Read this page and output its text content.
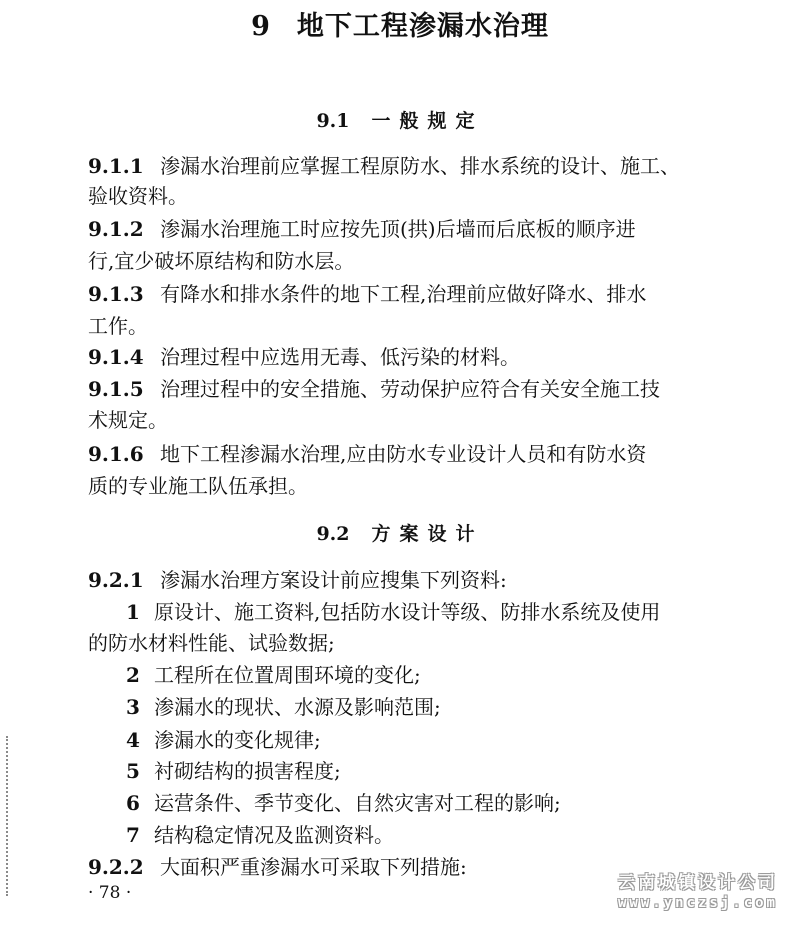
9 地下工程渗漏水治理
9.1 一般规定
9.1.1 渗漏水治理前应掌握工程原防水、排水系统的设计、施工、
验收资料。
9.1.2 渗漏水治理施工时应按先顶(拱)后墙而后底板的顺序进
行,宜少破坏原结构和防水层。
9.1.3 有降水和排水条件的地下工程,治理前应做好降水、排水
工作。
9.1.4 治理过程中应选用无毒、低污染的材料。
9.1.5 治理过程中的安全措施、劳动保护应符合有关安全施工技
术规定。
9.1.6 地下工程渗漏水治理,应由防水专业设计人员和有防水资
质的专业施工队伍承担。
9.2 方案设计
9.2.1 渗漏水治理方案设计前应搜集下列资料:
1 原设计、施工资料,包括防水设计等级、防排水系统及使用
的防水材料性能、试验数据;
2 工程所在位置周围环境的变化;
3 渗漏水的现状、水源及影响范围;
4 渗漏水的变化规律;
5 衬砌结构的损害程度;
6 运营条件、季节变化、自然灾害对工程的影响;
7 结构稳定情况及监测资料。
9.2.2 大面积严重渗漏水可采取下列措施:
· 78 ·	云南城镇设计公司
www.ynczsj.com
